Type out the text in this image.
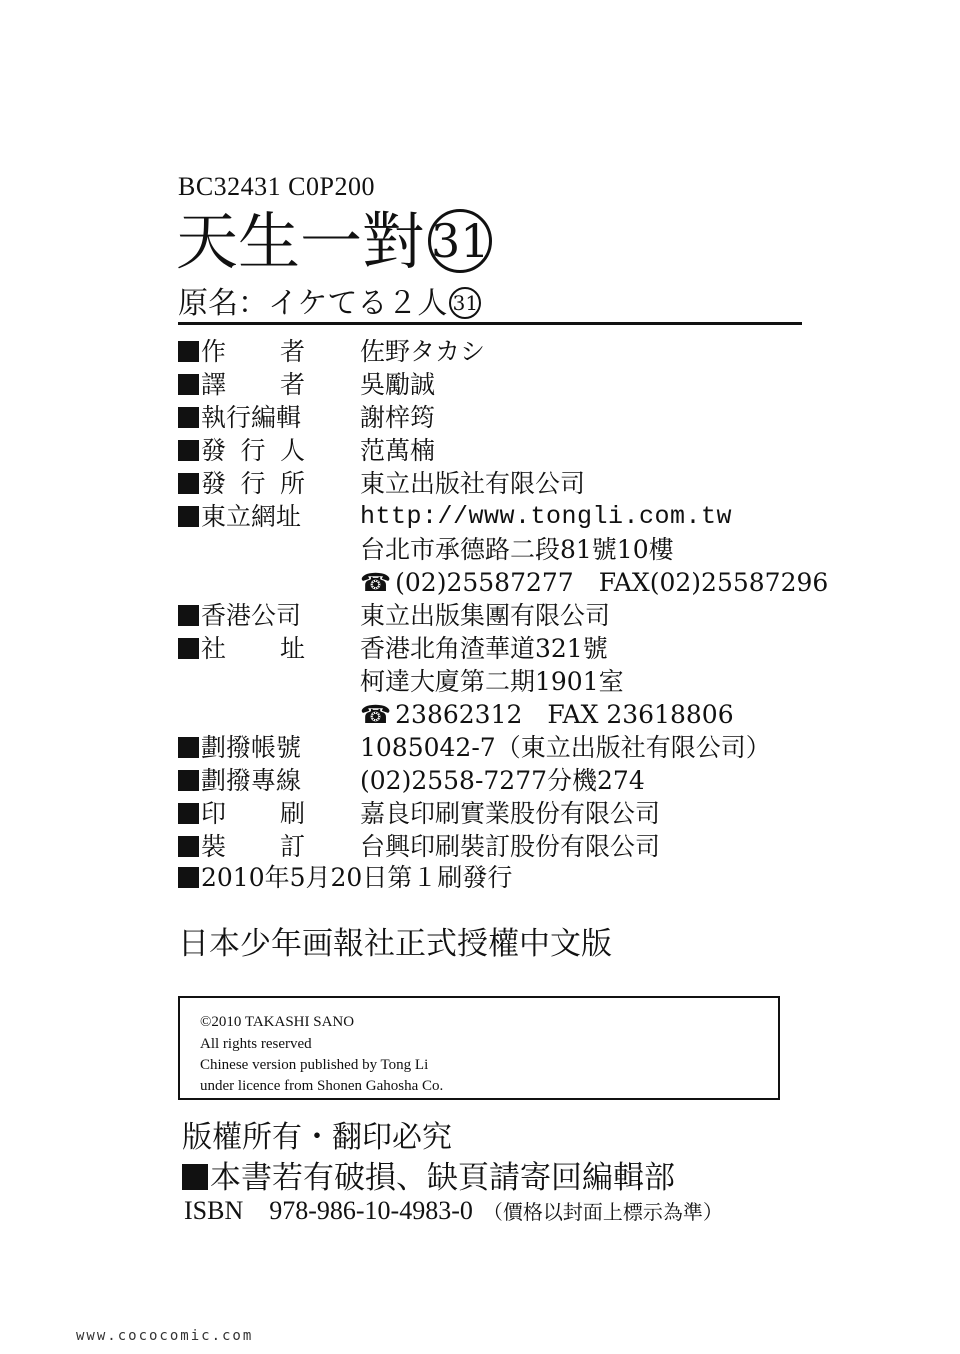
BC32431 C0P200
天生一對 31
原名：イケてる２人 31
作　者	佐野タカシ
譯　者	吳勵誠
執行編輯	謝梓筠
發 行 人	范萬楠
發 行 所	東立出版社有限公司
東立網址	http://www.tongli.com.tw
台北市承德路二段81號10樓
☎ (02)25587277　FAX(02)25587296
香港公司	東立出版集團有限公司
社　址	香港北角渣華道321號
柯達大廈第二期1901室
☎ 23862312　FAX 23618806
劃撥帳號	1085042-7（東立出版社有限公司）
劃撥專線	(02)2558-7277分機274
印　刷	嘉良印刷實業股份有限公司
裝　訂	台興印刷裝訂股份有限公司
2010年5月20日第１刷發行
日本少年画報社正式授權中文版
©2010 TAKASHI SANO
All rights reserved
Chinese version published by Tong Li
under licence from Shonen Gahosha Co.
版權所有・翻印必究
本書若有破損、缺頁請寄回編輯部
ISBN　978-986-10-4983-0 （價格以封面上標示為準）
www.cococomic.com
